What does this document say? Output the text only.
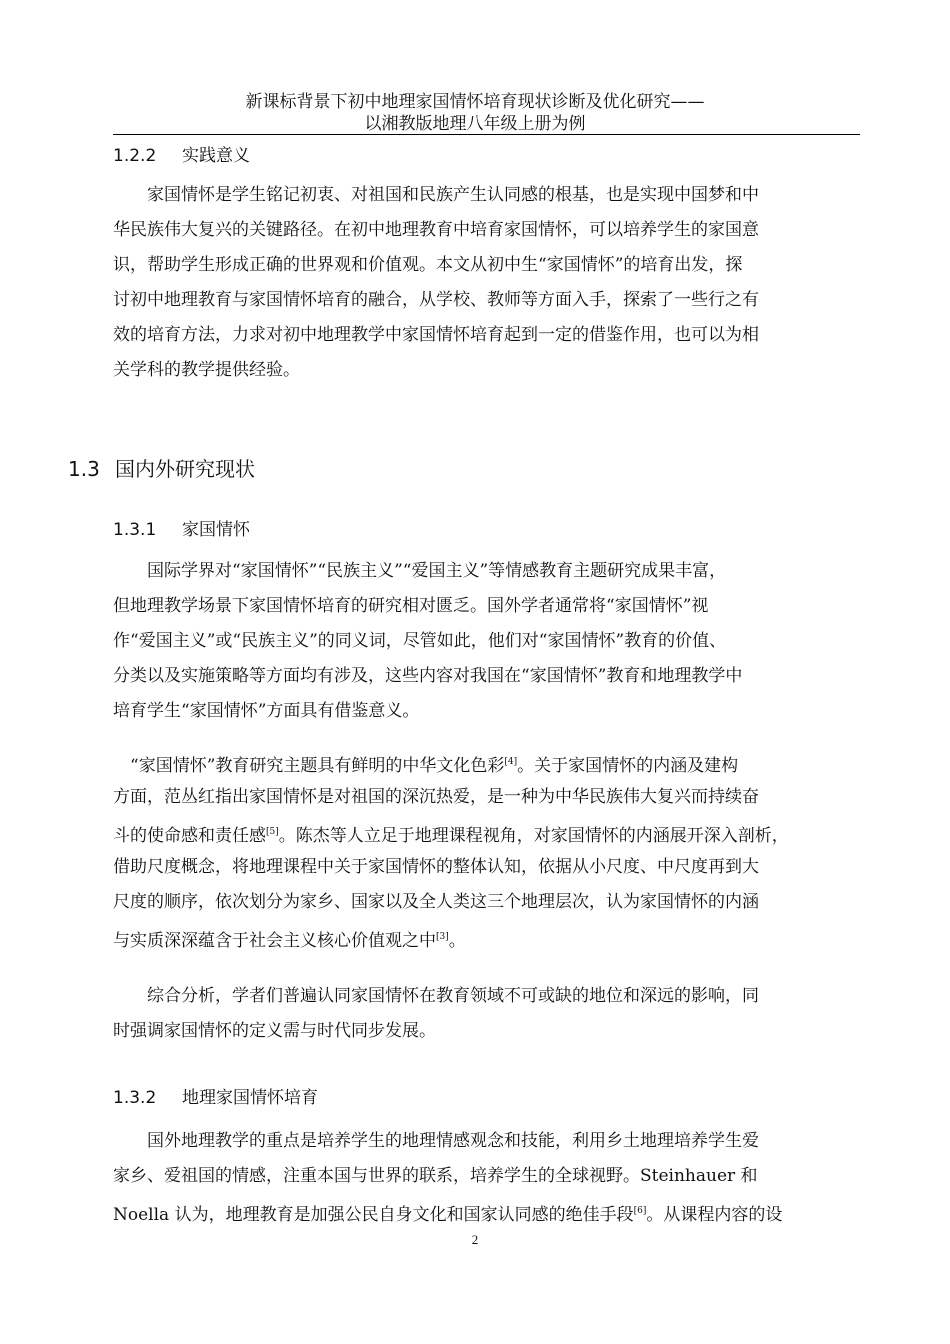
新课标背景下初中地理家国情怀培育现状诊断及优化研究——
以湘教版地理八年级上册为例
1.2.2 实践意义
　　家国情怀是学生铭记初衷、对祖国和民族产生认同感的根基，也是实现中国梦和中
华民族伟大复兴的关键路径。在初中地理教育中培育家国情怀，可以培养学生的家国意
识，帮助学生形成正确的世界观和价值观。本文从初中生“家国情怀”的培育出发，探
讨初中地理教育与家国情怀培育的融合，从学校、教师等方面入手，探索了一些行之有
效的培育方法，力求对初中地理教学中家国情怀培育起到一定的借鉴作用，也可以为相
关学科的教学提供经验。
1.3 国内外研究现状
1.3.1 家国情怀
　　国际学界对“家国情怀”“民族主义”“爱国主义”等情感教育主题研究成果丰富，
但地理教学场景下家国情怀培育的研究相对匮乏。国外学者通常将“家国情怀”视
作“爱国主义”或“民族主义”的同义词，尽管如此，他们对“家国情怀”教育的价值、
分类以及实施策略等方面均有涉及，这些内容对我国在“家国情怀”教育和地理教学中
培育学生“家国情怀”方面具有借鉴意义。
　“家国情怀”教育研究主题具有鲜明的中华文化色彩[4]。关于家国情怀的内涵及建构
方面，范丛红指出家国情怀是对祖国的深沉热爱，是一种为中华民族伟大复兴而持续奋
斗的使命感和责任感[5]。陈杰等人立足于地理课程视角，对家国情怀的内涵展开深入剖析，
借助尺度概念，将地理课程中关于家国情怀的整体认知，依据从小尺度、中尺度再到大
尺度的顺序，依次划分为家乡、国家以及全人类这三个地理层次，认为家国情怀的内涵
与实质深深蕴含于社会主义核心价值观之中[3]。
　　综合分析，学者们普遍认同家国情怀在教育领域不可或缺的地位和深远的影响，同
时强调家国情怀的定义需与时代同步发展。
1.3.2 地理家国情怀培育
　　国外地理教学的重点是培养学生的地理情感观念和技能，利用乡土地理培养学生爱
家乡、爱祖国的情感，注重本国与世界的联系，培养学生的全球视野。Steinhauer 和
Noella 认为，地理教育是加强公民自身文化和国家认同感的绝佳手段[6]。从课程内容的设
2
